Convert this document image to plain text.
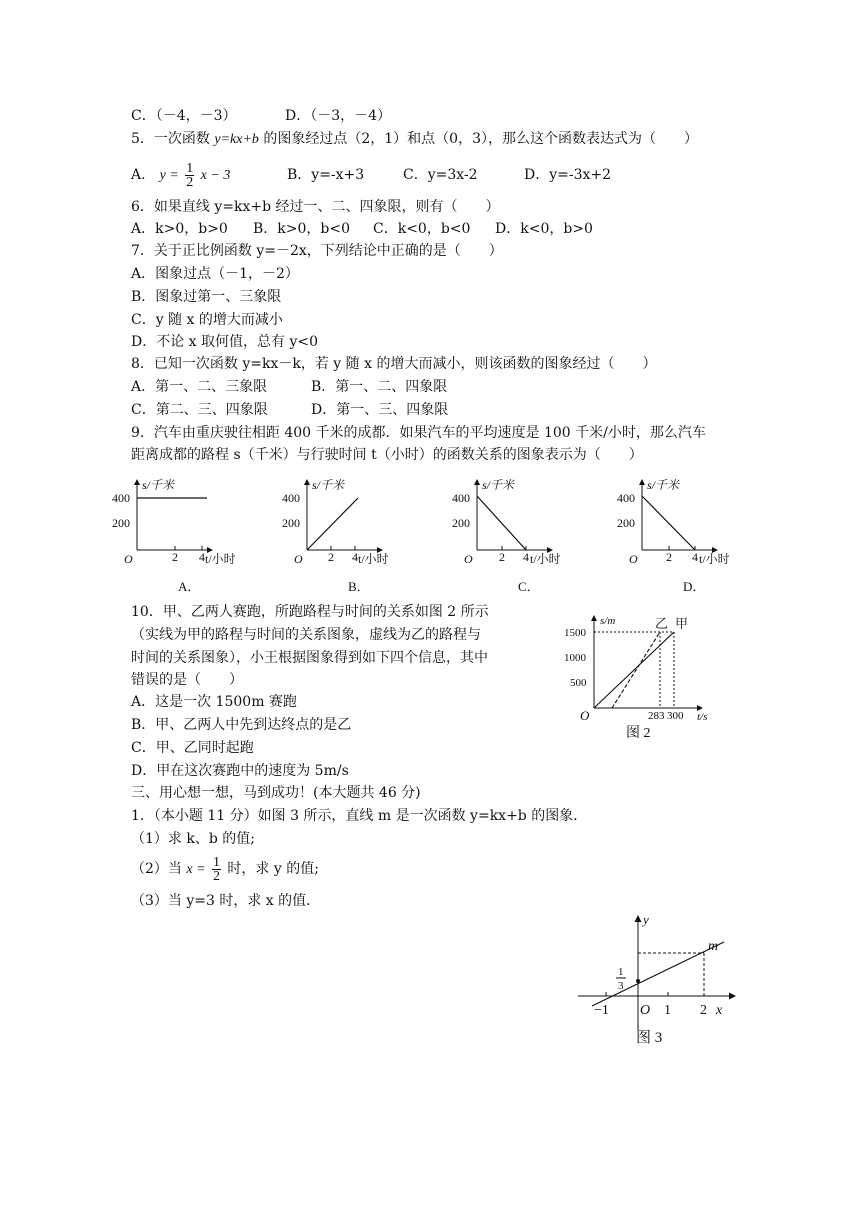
C．（－4，－3）	D．（－3，－4）
5．一次函数 y=kx+b 的图象经过点（2，1）和点（0，3），那么这个函数表达式为（　　）
A． $y = \frac{1}{2}$ x − 3	B．y=-x+3	C．y=3x-2	D．y=-3x+2
6．如果直线 y=kx+b 经过一、二、四象限，则有（　　）
A．k>0，b>0 B．k>0，b<0 C．k<0，b<0 D．k<0，b>0
7．关于正比例函数 y=－2x，下列结论中正确的是（　　）
A．图象过点（－1，－2）
B．图象过第一、三象限
C．y 随 x 的增大而减小
D．不论 x 取何值，总有 y<0
8．已知一次函数 y=kx－k，若 y 随 x 的增大而减小，则该函数的图象经过（　　）
A．第一、二、三象限	B．第一、二、四象限
C．第二、三、四象限	D．第一、三、四象限
9．汽车由重庆驶往相距 400 千米的成都．如果汽车的平均速度是 100 千米/小时，那么汽车
距离成都的路程 s（千米）与行驶时间 t（小时）的函数关系的图象表示为（　　）
s/千米
400
200
O	2 4 t/小时
A．
s/千米
400
200
O 2 4 t/小时
B．
s/千米
400
200
O 2 4 t/小时
C．
s/千米
400
200
O 2 4 t/小时
D．
10．甲、乙两人赛跑，所跑路程与时间的关系如图 2 所示
（实线为甲的路程与时间的关系图象，虚线为乙的路程与
时间的关系图象），小王根据图象得到如下四个信息，其中
错误的是（　　）
A．这是一次 1500m 赛跑
B．甲、乙两人中先到达终点的是乙
C．甲、乙同时起跑
D．甲在这次赛跑中的速度为 5m/s
s/m
1500
1000
500
O	283 300 t/s
乙 甲
图 2
三、用心想一想，马到成功！(本大题共 46 分)
1．（本小题 11 分）如图 3 所示，直线 m 是一次函数 y=kx+b 的图象．
（1）求 k、b 的值;
（2）当 $x = \frac{1}{2}$ 时，求 y 的值;
（3）当 y=3 时，求 x 的值．
y
m
1
3
−1 O 1 2 x
图 3
